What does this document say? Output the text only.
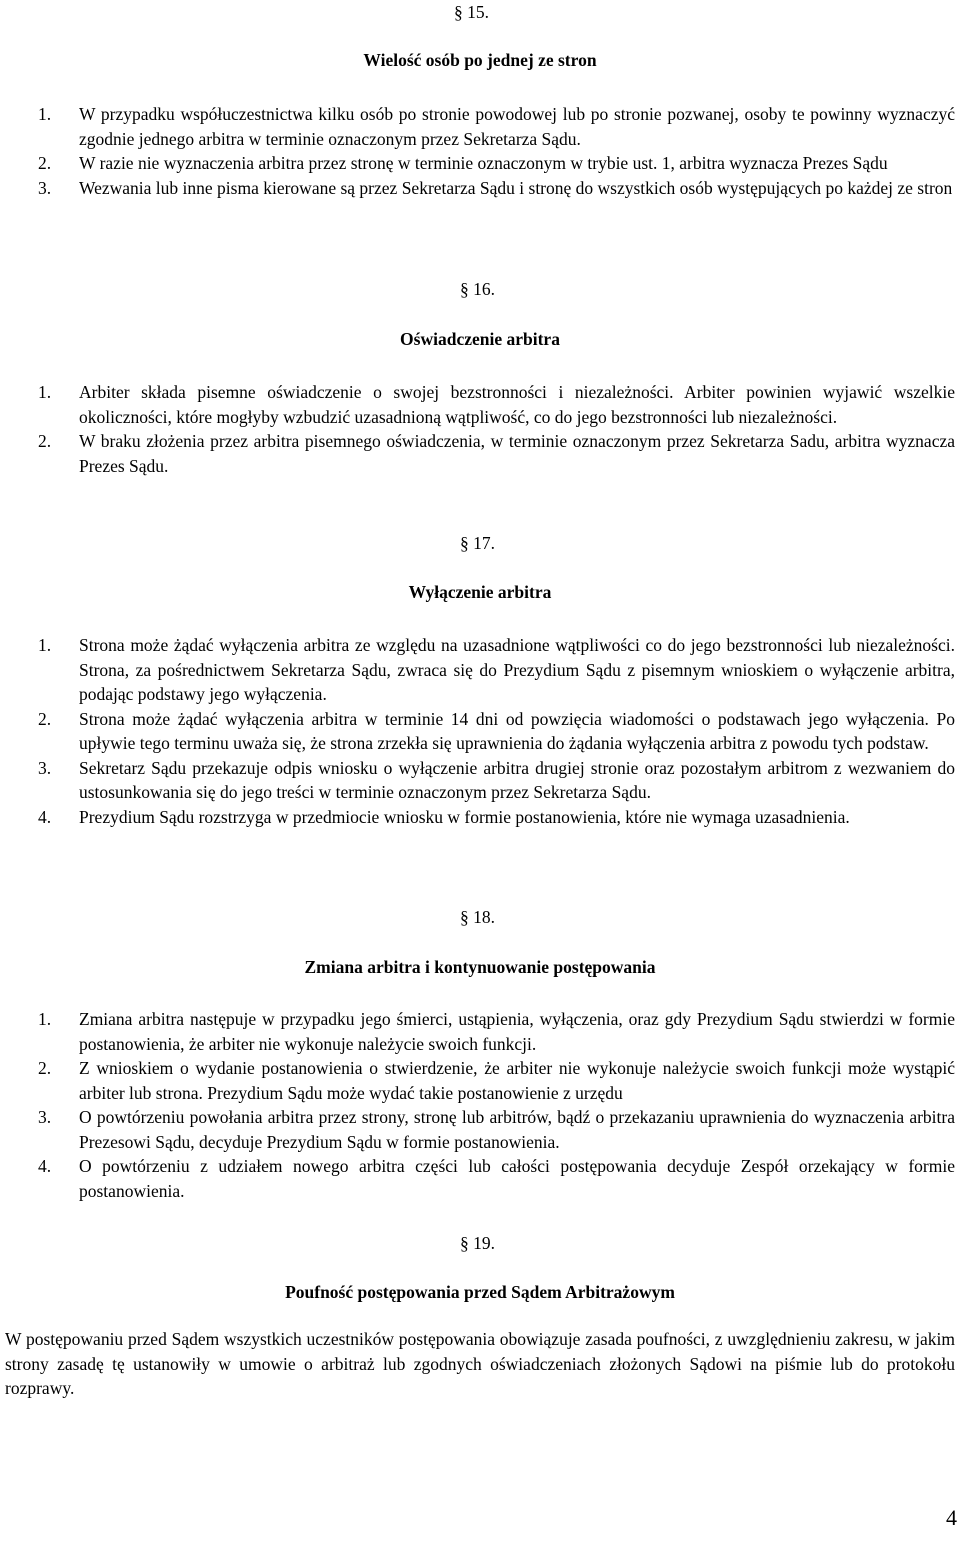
§ 15.
Wielość osób po jednej ze stron
1. W przypadku współuczestnictwa kilku osób po stronie powodowej lub po stronie pozwanej, osoby te powinny wyznaczyć zgodnie jednego arbitra w terminie oznaczonym przez Sekretarza Sądu.
2. W razie nie wyznaczenia arbitra przez stronę w terminie oznaczonym w trybie ust. 1, arbitra wyznacza Prezes Sądu
3. Wezwania lub inne pisma kierowane są przez Sekretarza Sądu i stronę do wszystkich osób występujących po każdej ze stron
§ 16.
Oświadczenie arbitra
1. Arbiter składa pisemne oświadczenie o swojej bezstronności i niezależności. Arbiter powinien wyjawić wszelkie okoliczności, które mogłyby wzbudzić uzasadnioną wątpliwość, co do jego bezstronności lub niezależności.
2. W braku złożenia przez arbitra pisemnego oświadczenia, w terminie oznaczonym przez Sekretarza Sadu, arbitra wyznacza Prezes Sądu.
§ 17.
Wyłączenie arbitra
1. Strona może żądać wyłączenia arbitra ze względu na uzasadnione wątpliwości co do jego bezstronności lub niezależności. Strona, za pośrednictwem Sekretarza Sądu, zwraca się do Prezydium Sądu z pisemnym wnioskiem o wyłączenie arbitra, podając podstawy jego wyłączenia.
2. Strona może żądać wyłączenia arbitra w terminie 14 dni od powzięcia wiadomości o podstawach jego wyłączenia. Po upływie tego terminu uważa się, że strona zrzekła się uprawnienia do żądania wyłączenia arbitra z powodu tych podstaw.
3. Sekretarz Sądu przekazuje odpis wniosku o wyłączenie arbitra drugiej stronie oraz pozostałym arbitrom z wezwaniem do ustosunkowania się do jego treści w terminie oznaczonym przez Sekretarza Sądu.
4. Prezydium Sądu rozstrzyga w przedmiocie wniosku w formie postanowienia, które nie wymaga uzasadnienia.
§ 18.
Zmiana arbitra i kontynuowanie postępowania
1. Zmiana arbitra następuje w przypadku jego śmierci, ustąpienia, wyłączenia, oraz gdy Prezydium Sądu stwierdzi w formie postanowienia, że arbiter nie wykonuje należycie swoich funkcji.
2. Z wnioskiem o wydanie postanowienia o stwierdzenie, że arbiter nie wykonuje należycie swoich funkcji może wystąpić arbiter lub strona. Prezydium Sądu może wydać takie postanowienie z urzędu
3. O powtórzeniu powołania arbitra przez strony, stronę lub arbitrów, bądź o przekazaniu uprawnienia do wyznaczenia arbitra Prezesowi Sądu, decyduje Prezydium Sądu w formie postanowienia.
4. O powtórzeniu z udziałem nowego arbitra części lub całości postępowania decyduje Zespół orzekający w formie postanowienia.
§ 19.
Poufność postępowania przed Sądem Arbitrażowym
W postępowaniu przed Sądem wszystkich uczestników postępowania obowiązuje zasada poufności, z uwzględnieniu zakresu, w jakim strony zasadę tę ustanowiły w umowie o arbitraż lub zgodnych oświadczeniach złożonych Sądowi na piśmie lub do protokołu rozprawy.
4
